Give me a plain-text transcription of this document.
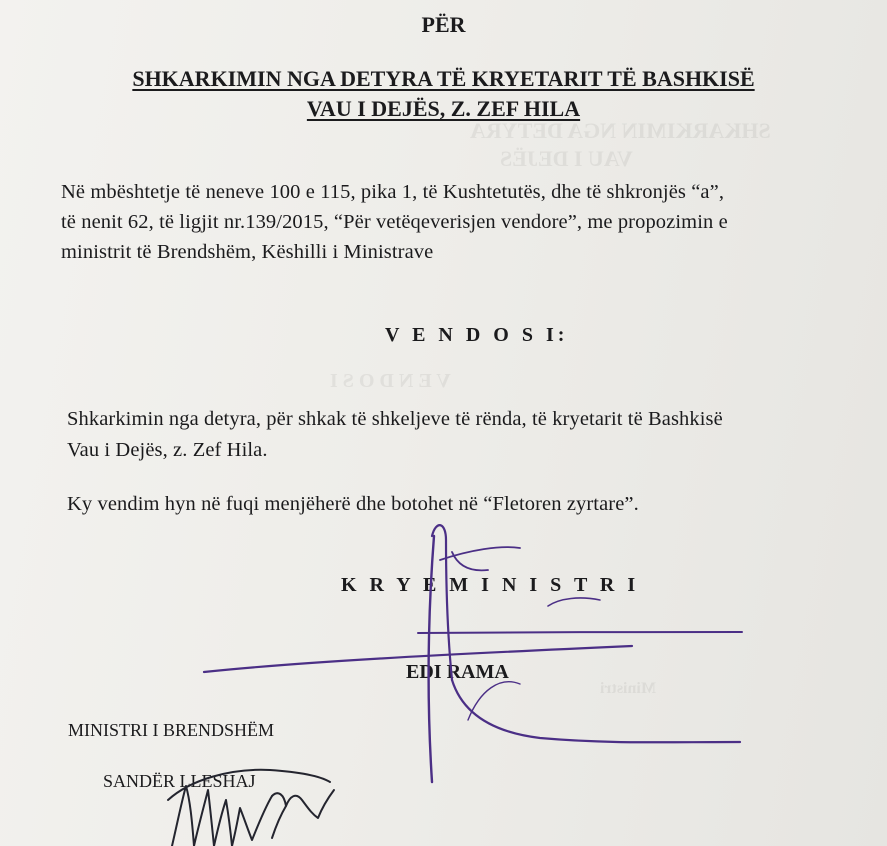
SHKARKIMIN NGA DETYRA
VAU I DEJËS
V E N D O S I
Ministri
PËR
SHKARKIMIN NGA DETYRA TË KRYETARIT TË BASHKISË
VAU I DEJËS, Z. ZEF HILA
Në mbështetje të neneve 100 e 115, pika 1, të Kushtetutës, dhe të shkronjës “a”,
të nenit 62, të ligjit nr.139/2015, “Për vetëqeverisjen vendore”, me propozimin e
ministrit të Brendshëm, Këshilli i Ministrave
V E N D O S I:
Shkarkimin nga detyra, për shkak të shkeljeve të rënda, të kryetarit të Bashkisë
Vau i Dejës, z. Zef Hila.
Ky vendim hyn në fuqi menjëherë dhe botohet në “Fletoren zyrtare”.
K R Y E M I N I S T R I
EDI RAMA
MINISTRI I BRENDSHËM
SANDËR LLESHAJ
